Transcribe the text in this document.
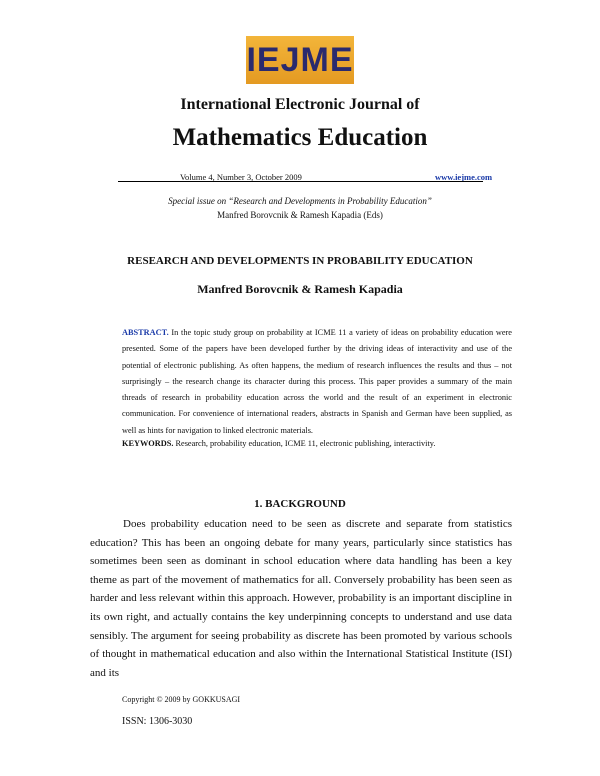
IEJME
International Electronic Journal of
Mathematics Education
Volume 4, Number 3, October 2009	www.iejme.com
Special issue on “Research and Developments in Probability Education”
Manfred Borovcnik & Ramesh Kapadia (Eds)
RESEARCH AND DEVELOPMENTS IN PROBABILITY EDUCATION
Manfred Borovcnik & Ramesh Kapadia
ABSTRACT. In the topic study group on probability at ICME 11 a variety of ideas on probability education were presented. Some of the papers have been developed further by the driving ideas of interactivity and use of the potential of electronic publishing. As often happens, the medium of research influences the results and thus – not surprisingly – the research change its character during this process. This paper provides a summary of the main threads of research in probability education across the world and the result of an experiment in electronic communication. For convenience of international readers, abstracts in Spanish and German have been supplied, as well as hints for navigation to linked electronic materials.
KEYWORDS. Research, probability education, ICME 11, electronic publishing, interactivity.
1. BACKGROUND
Does probability education need to be seen as discrete and separate from statistics education? This has been an ongoing debate for many years, particularly since statistics has sometimes been seen as dominant in school education where data handling has been a key theme as part of the movement of mathematics for all. Conversely probability has been seen as harder and less relevant within this approach. However, probability is an important discipline in its own right, and actually contains the key underpinning concepts to understand and use data sensibly. The argument for seeing probability as discrete has been promoted by various schools of thought in mathematical education and also within the International Statistical Institute (ISI) and its
Copyright © 2009 by GOKKUSAGI
ISSN: 1306-3030
